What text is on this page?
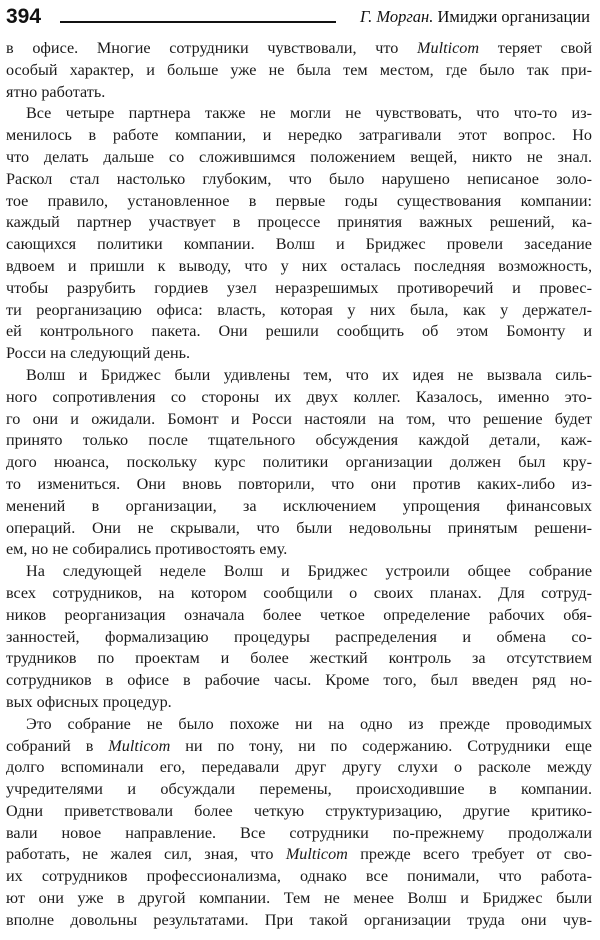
394	Г. Морган. Имиджи организации
в офисе. Многие сотрудники чувствовали, что Multicom теряет свой
особый характер, и больше уже не была тем местом, где было так при-
ятно работать.
Все четыре партнера также не могли не чувствовать, что что-то из-
менилось в работе компании, и нередко затрагивали этот вопрос. Но
что делать дальше со сложившимся положением вещей, никто не знал.
Раскол стал настолько глубоким, что было нарушено неписаное золо-
тое правило, установленное в первые годы существования компании:
каждый партнер участвует в процессе принятия важных решений, ка-
сающихся политики компании. Волш и Бриджес провели заседание
вдвоем и пришли к выводу, что у них осталась последняя возможность,
чтобы разрубить гордиев узел неразрешимых противоречий и провес-
ти реорганизацию офиса: власть, которая у них была, как у держател-
ей контрольного пакета. Они решили сообщить об этом Бомонту и
Росси на следующий день.
Волш и Бриджес были удивлены тем, что их идея не вызвала силь-
ного сопротивления со стороны их двух коллег. Казалось, именно это-
го они и ожидали. Бомонт и Росси настояли на том, что решение будет
принято только после тщательного обсуждения каждой детали, каж-
дого нюанса, поскольку курс политики организации должен был кру-
то измениться. Они вновь повторили, что они против каких-либо из-
менений в организации, за исключением упрощения финансовых
операций. Они не скрывали, что были недовольны принятым решени-
ем, но не собирались противостоять ему.
На следующей неделе Волш и Бриджес устроили общее собрание
всех сотрудников, на котором сообщили о своих планах. Для сотруд-
ников реорганизация означала более четкое определение рабочих обя-
занностей, формализацию процедуры распределения и обмена со-
трудников по проектам и более жесткий контроль за отсутствием
сотрудников в офисе в рабочие часы. Кроме того, был введен ряд но-
вых офисных процедур.
Это собрание не было похоже ни на одно из прежде проводимых
собраний в Multicom ни по тону, ни по содержанию. Сотрудники еще
долго вспоминали его, передавали друг другу слухи о расколе между
учредителями и обсуждали перемены, происходившие в компании.
Одни приветствовали более четкую структуризацию, другие критико-
вали новое направление. Все сотрудники по-прежнему продолжали
работать, не жалея сил, зная, что Multicom прежде всего требует от сво-
их сотрудников профессионализма, однако все понимали, что работа-
ют они уже в другой компании. Тем не менее Волш и Бриджес были
вполне довольны результатами. При такой организации труда они чув-
